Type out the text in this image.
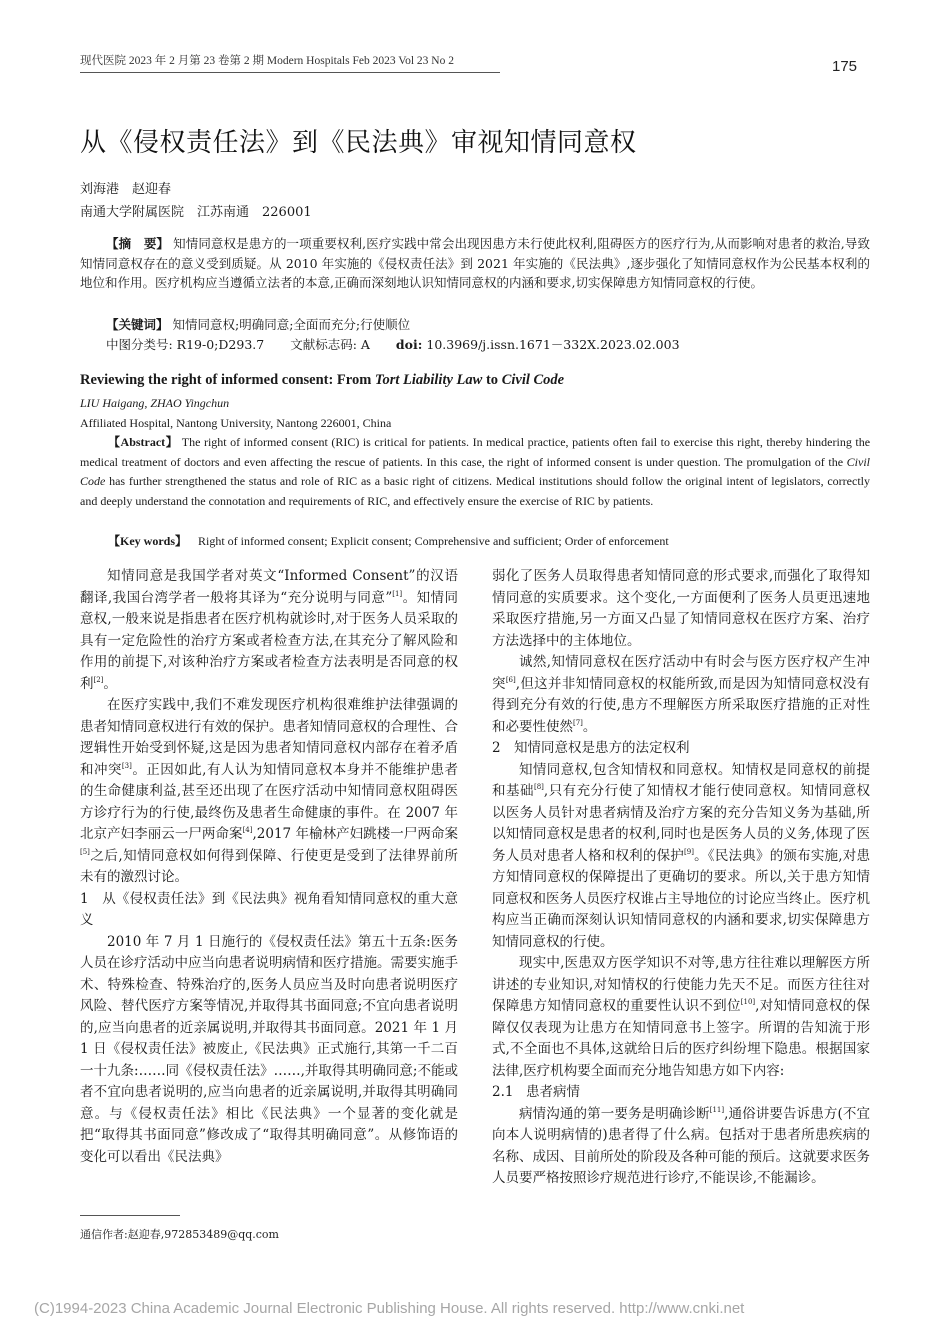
现代医院 2023 年 2 月第 23 卷第 2 期 Modern Hospitals Feb 2023 Vol 23 No 2	175
从《侵权责任法》到《民法典》审视知情同意权
刘海港　赵迎春
南通大学附属医院　江苏南通　226001
【摘　要】 知情同意权是患方的一项重要权利,医疗实践中常会出现因患方未行使此权利,阻碍医方的医疗行为,从而影响对患者的救治,导致知情同意权存在的意义受到质疑。从 2010 年实施的《侵权责任法》到 2021 年实施的《民法典》,逐步强化了知情同意权作为公民基本权利的地位和作用。医疗机构应当遵循立法者的本意,正确而深刻地认识知情同意权的内涵和要求,切实保障患方知情同意权的行使。
【关键词】 知情同意权;明确同意;全面而充分;行使顺位
中图分类号: R19-0;D293.7 文献标志码: A doi: 10.3969/j.issn.1671－332X.2023.02.003
Reviewing the right of informed consent: From Tort Liability Law to Civil Code
LIU Haigang, ZHAO Yingchun
Affiliated Hospital, Nantong University, Nantong 226001, China
【Abstract】 The right of informed consent (RIC) is critical for patients. In medical practice, patients often fail to exercise this right, thereby hindering the medical treatment of doctors and even affecting the rescue of patients. In this case, the right of informed consent is under question. The promulgation of the Civil Code has further strengthened the status and role of RIC as a basic right of citizens. Medical institutions should follow the original intent of legislators, correctly and deeply understand the connotation and requirements of RIC, and effectively ensure the exercise of RIC by patients.
【Key words】 Right of informed consent; Explicit consent; Comprehensive and sufficient; Order of enforcement

知情同意是我国学者对英文“Informed Consent”的汉语翻译,我国台湾学者一般将其译为“充分说明与同意”[1]。知情同意权,一般来说是指患者在医疗机构就诊时,对于医务人员采取的具有一定危险性的治疗方案或者检查方法,在其充分了解风险和作用的前提下,对该种治疗方案或者检查方法表明是否同意的权利[2]。

在医疗实践中,我们不难发现医疗机构很难维护法律强调的患者知情同意权进行有效的保护。患者知情同意权的合理性、合逻辑性开始受到怀疑,这是因为患者知情同意权内部存在着矛盾和冲突[3]。正因如此,有人认为知情同意权本身并不能维护患者的生命健康利益,甚至还出现了在医疗活动中知情同意权阻碍医方诊疗行为的行使,最终伤及患者生命健康的事件。在 2007 年北京产妇李丽云一尸两命案[4],2017 年榆林产妇跳楼一尸两命案[5]之后,知情同意权如何得到保障、行使更是受到了法律界前所未有的激烈讨论。

1 从《侵权责任法》到《民法典》视角看知情同意权的重大意义

2010 年 7 月 1 日施行的《侵权责任法》第五十五条:医务人员在诊疗活动中应当向患者说明病情和医疗措施。需要实施手术、特殊检查、特殊治疗的,医务人员应当及时向患者说明医疗风险、替代医疗方案等情况,并取得其书面同意;不宜向患者说明的,应当向患者的近亲属说明,并取得其书面同意。2021 年 1 月 1 日《侵权责任法》被废止,《民法典》正式施行,其第一千二百一十九条:……同《侵权责任法》……,并取得其明确同意;不能或者不宜向患者说明的,应当向患者的近亲属说明,并取得其明确同意。与《侵权责任法》相比《民法典》一个显著的变化就是把“取得其书面同意”修改成了“取得其明确同意”。从修饰语的变化可以看出《民法典》

弱化了医务人员取得患者知情同意的形式要求,而强化了取得知情同意的实质要求。这个变化,一方面便利了医务人员更迅速地采取医疗措施,另一方面又凸显了知情同意权在医疗方案、治疗方法选择中的主体地位。

诚然,知情同意权在医疗活动中有时会与医方医疗权产生冲突[6],但这并非知情同意权的权能所致,而是因为知情同意权没有得到充分有效的行使,患方不理解医方所采取医疗措施的正对性和必要性使然[7]。

2 知情同意权是患方的法定权利

知情同意权,包含知情权和同意权。知情权是同意权的前提和基础[8],只有充分行使了知情权才能行使同意权。知情同意权以医务人员针对患者病情及治疗方案的充分告知义务为基础,所以知情同意权是患者的权利,同时也是医务人员的义务,体现了医务人员对患者人格和权利的保护[9]。《民法典》的颁布实施,对患方知情同意权的保障提出了更确切的要求。所以,关于患方知情同意权和医务人员医疗权谁占主导地位的讨论应当终止。医疗机构应当正确而深刻认识知情同意权的内涵和要求,切实保障患方知情同意权的行使。

现实中,医患双方医学知识不对等,患方往往难以理解医方所讲述的专业知识,对知情权的行使能力先天不足。而医方往往对保障患方知情同意权的重要性认识不到位[10],对知情同意权的保障仅仅表现为让患方在知情同意书上签字。所谓的告知流于形式,不全面也不具体,这就给日后的医疗纠纷埋下隐患。根据国家法律,医疗机构要全面而充分地告知患方如下内容:

2.1 患者病情

病情沟通的第一要务是明确诊断[11],通俗讲要告诉患方(不宜向本人说明病情的)患者得了什么病。包括对于患者所患疾病的名称、成因、目前所处的阶段及各种可能的预后。这就要求医务人员要严格按照诊疗规范进行诊疗,不能误诊,不能漏诊。

通信作者:赵迎春,972853489@qq.com
(C)1994-2023 China Academic Journal Electronic Publishing House. All rights reserved. http://www.cnki.net
